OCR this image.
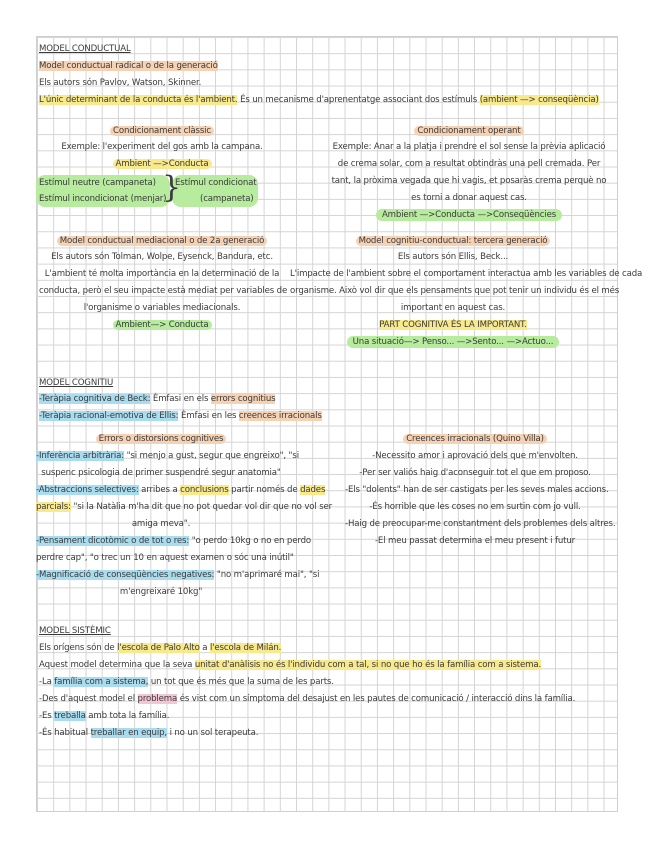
MODEL CONDUCTUAL
Model conductual radical o de la generació
Els autors són Pavlov, Watson, Skinner.
L'únic determinant de la conducta és l'ambient. És un mecanisme d'aprenentatge associant dos estímuls (ambient —> conseqüència)
Condicionament clàssic
Exemple: l'experiment del gos amb la campana.
Ambient —>Conducta
Estímul neutre (campaneta)
Estímul incondicionat (menjar)
}
Estímul condicionat
(campaneta)
Condicionament operant
Exemple: Anar a la platja i prendre el sol sense la prèvia aplicació
de crema solar, com a resultat obtindràs una pell cremada. Per
tant, la pròxima vegada que hi vagis, et posaràs crema perquè no
es torni a donar aquest cas.
Ambient —>Conducta —>Conseqüències
Model conductual mediacional o de 2a generació
Els autors són Tolman, Wolpe, Eysenck, Bandura, etc.
L'ambient té molta importància en la determinació de la
conducta, però el seu impacte està mediat per variables de
l'organisme o variables mediacionals.
Ambient—> Conducta
Model cognitiu-conductual: tercera generació
Els autors són Ellis, Beck...
L'impacte de l'ambient sobre el comportament interactua amb les variables de cada
organisme. Això vol dir que els pensaments que pot tenir un individu és el més
important en aquest cas.
PART COGNITIVA ÉS LA IMPORTANT.
Una situació—> Penso... —>Sento... —>Actuo...
MODEL COGNITIU
-Teràpia cognitiva de Beck: Èmfasi en els errors cognitius
-Teràpia racional-emotiva de Ellis: Èmfasi en les creences irracionals
Errors o distorsions cognitives
-Inferència arbitrària: "si menjo a gust, segur que engreixo", "si
suspenc psicologia de primer suspendré segur anatomia"
-Abstraccions selectives: arribes a conclusions partir només de dades
parcials: "si la Natàlia m'ha dit que no pot quedar vol dir que no vol ser
amiga meva".
-Pensament dicotòmic o de tot o res: "o perdo 10kg o no en perdo
perdre cap", "o trec un 10 en aquest examen o sóc una inútil"
-Magnificació de conseqüències negatives: "no m'aprimaré mai", "si
m'engreixaré 10kg"
Creences irracionals (Quino Villa)
-Necessito amor i aprovació dels que m'envolten.
-Per ser valiós haig d'aconseguir tot el que em proposo.
-Els "dolents" han de ser castigats per les seves males accions.
-És horrible que les coses no em surtin com jo vull.
-Haig de preocupar-me constantment dels problemes dels altres.
-El meu passat determina el meu present i futur
MODEL SISTÈMIC
Els orígens són de l'escola de Palo Alto a l'escola de Milán.
Aquest model determina que la seva unitat d'anàlisis no és l'individu com a tal, si no que ho és la família com a sistema.
-La família com a sistema, un tot que és més que la suma de les parts.
-Des d'aquest model el problema és vist com un símptoma del desajust en les pautes de comunicació / interacció dins la família.
-Es treballa amb tota la família.
-És habitual treballar en equip, i no un sol terapeuta.
